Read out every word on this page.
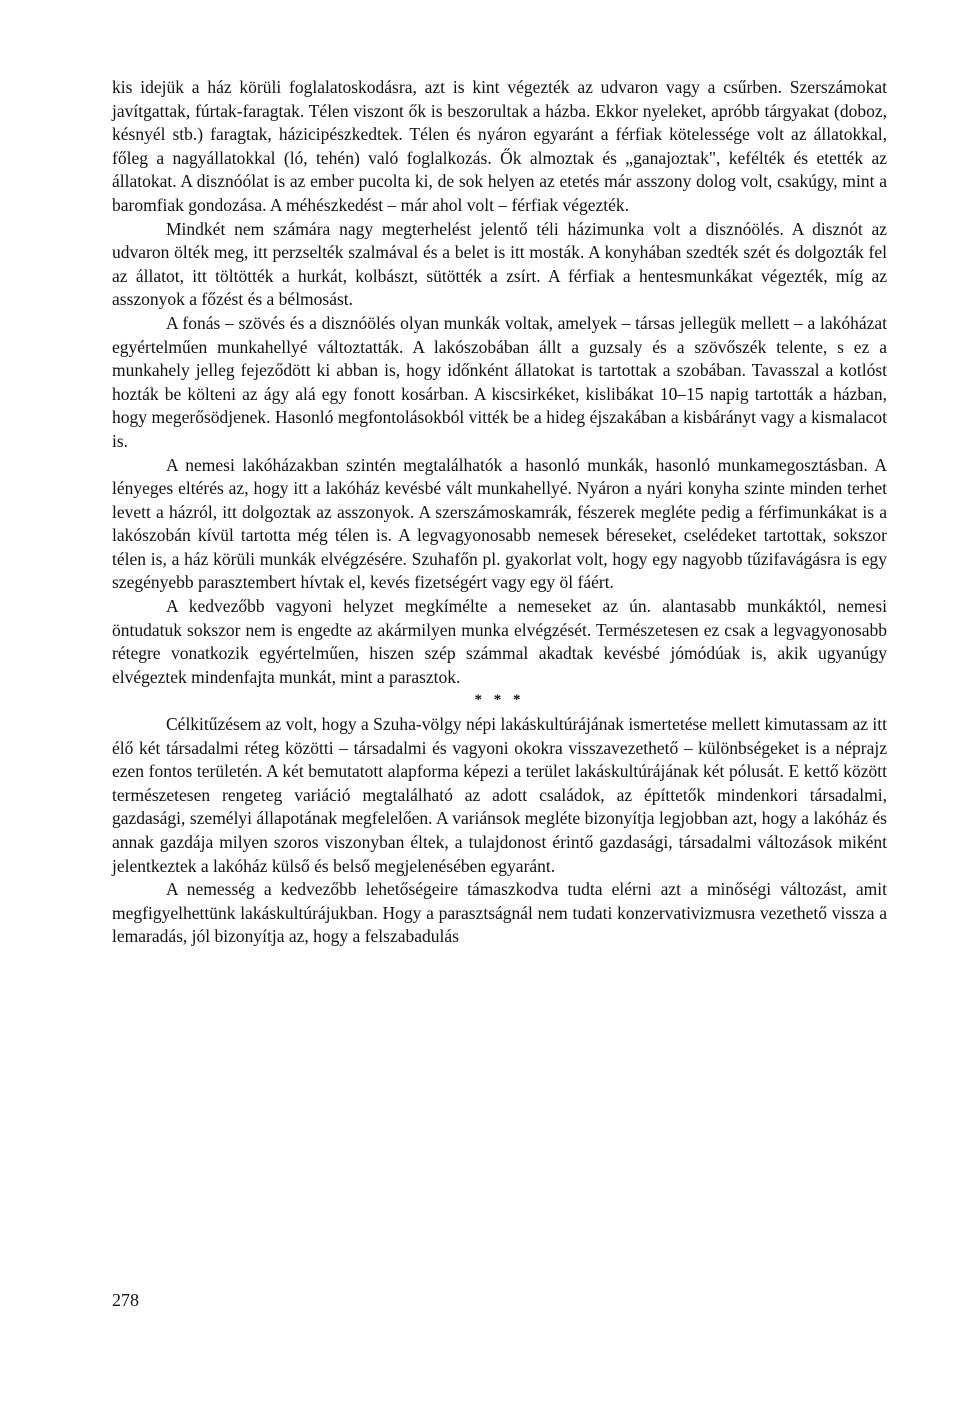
kis idejük a ház körüli foglalatoskodásra, azt is kint végezték az udvaron vagy a csűrben. Szerszámokat javítgattak, fúrtak-faragtak. Télen viszont ők is beszorultak a házba. Ekkor nyeleket, apróbb tárgyakat (doboz, késnyél stb.) faragtak, házicipészkedtek. Télen és nyáron egyaránt a férfiak kötelessége volt az állatokkal, főleg a nagyállatokkal (ló, tehén) való foglalkozás. Ők almoztak és „ganajoztak", kefélték és etették az állatokat. A disznóólat is az ember pucolta ki, de sok helyen az etetés már asszony dolog volt, csakúgy, mint a baromfiak gondozása. A méhészkedést – már ahol volt – férfiak végezték.

Mindkét nem számára nagy megterhelést jelentő téli házimunka volt a disznóölés. A disznót az udvaron ölték meg, itt perzselték szalmával és a belet is itt mosták. A konyhában szedték szét és dolgozták fel az állatot, itt töltötték a hurkát, kolbászt, sütötték a zsírt. A férfiak a hentesmunkákat végezték, míg az asszonyok a főzést és a bélmosást.

A fonás – szövés és a disznóölés olyan munkák voltak, amelyek – társas jellegük mellett – a lakóházat egyértelműen munkahellyé változtatták. A lakószobában állt a guzsaly és a szövőszék telente, s ez a munkahely jelleg fejeződött ki abban is, hogy időnként állatokat is tartottak a szobában. Tavasszal a kotlóst hozták be költeni az ágy alá egy fonott kosárban. A kiscsirkéket, kislibákat 10–15 napig tartották a házban, hogy megerősödjenek. Hasonló megfontolásokból vitték be a hideg éjszakában a kisbárányt vagy a kismalacot is.

A nemesi lakóházakban szintén megtalálhatók a hasonló munkák, hasonló munkamegosztásban. A lényeges eltérés az, hogy itt a lakóház kevésbé vált munkahellyé. Nyáron a nyári konyha szinte minden terhet levett a házról, itt dolgoztak az asszonyok. A szerszámoskamrák, fészerek megléte pedig a férfimunkákat is a lakószobán kívül tartotta még télen is. A legvagyonosabb nemesek béreseket, cselédeket tartottak, sokszor télen is, a ház körüli munkák elvégzésére. Szuhafőn pl. gyakorlat volt, hogy egy nagyobb tűzifavágásra is egy szegényebb parasztembert hívtak el, kevés fizetségért vagy egy öl fáért.

A kedvezőbb vagyoni helyzet megkímélte a nemeseket az ún. alantasabb munkáktól, nemesi öntudatuk sokszor nem is engedte az akármilyen munka elvégzését. Természetesen ez csak a legvagyonosabb rétegre vonatkozik egyértelműen, hiszen szép számmal akadtak kevésbé jómódúak is, akik ugyanúgy elvégeztek mindenfajta munkát, mint a parasztok.

* * *

Célkitűzésem az volt, hogy a Szuha-völgy népi lakáskultúrájának ismertetése mellett kimutassam az itt élő két társadalmi réteg közötti – társadalmi és vagyoni okokra visszavezethető – különbségeket is a néprajz ezen fontos területén. A két bemutatott alapforma képezi a terület lakáskultúrájának két pólusát. E kettő között természetesen rengeteg variáció megtalálható az adott családok, az építtetők mindenkori társadalmi, gazdasági, személyi állapotának megfelelően. A variánsok megléte bizonyítja legjobban azt, hogy a lakóház és annak gazdája milyen szoros viszonyban éltek, a tulajdonost érintő gazdasági, társadalmi változások miként jelentkeztek a lakóház külső és belső megjelenésében egyaránt.

A nemesség a kedvezőbb lehetőségeire támaszkodva tudta elérni azt a minőségi változást, amit megfigyelhettünk lakáskultúrájukban. Hogy a parasztságnál nem tudati konzervativizmusra vezethető vissza a lemaradás, jól bizonyítja az, hogy a felszabadulás

278
